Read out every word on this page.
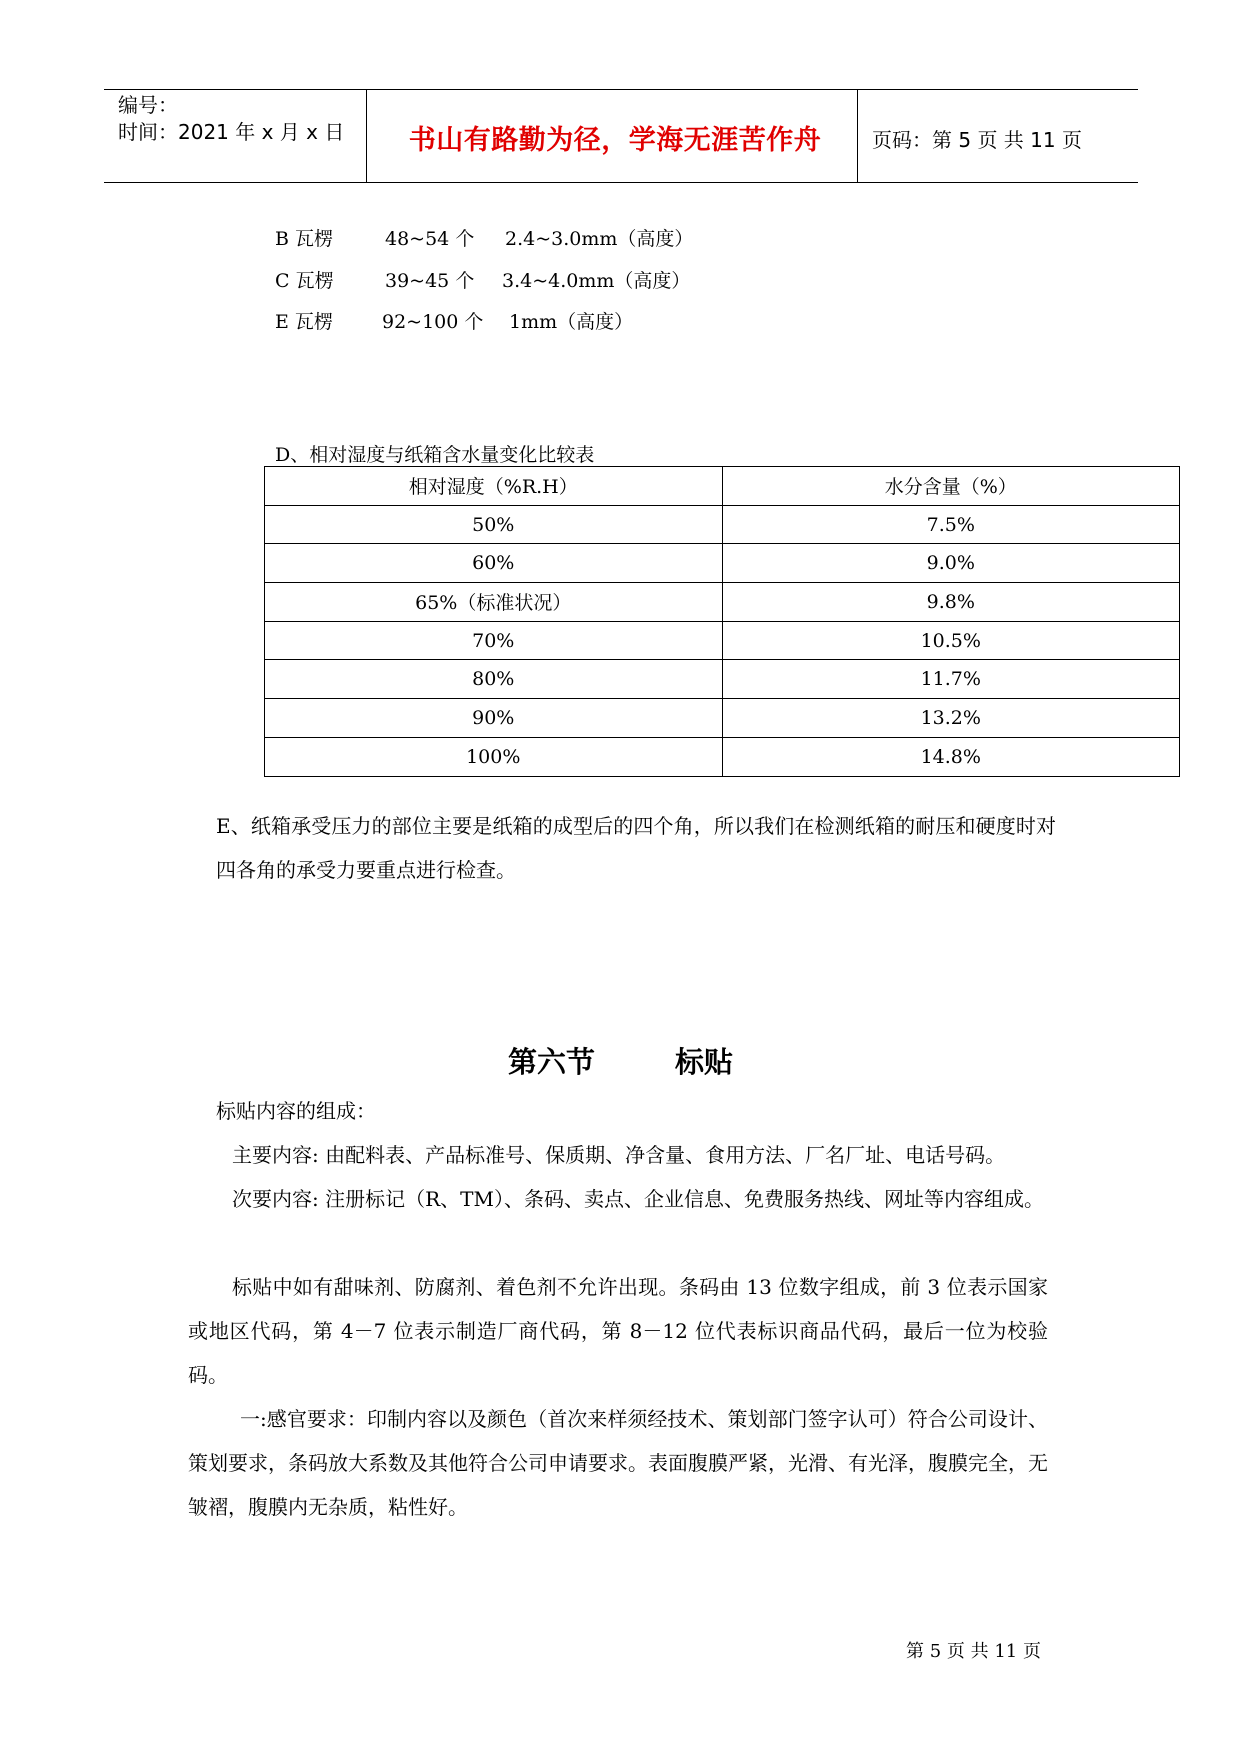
编号：
时间：2021 年 x 月 x 日	书山有路勤为径，学海无涯苦作舟	页码：第 5 页 共 11 页
B 瓦楞	48~54 个 2.4~3.0mm（高度）
C 瓦楞	39~45 个 3.4~4.0mm（高度）
E 瓦楞	92~100 个 1mm（高度）
D、相对湿度与纸箱含水量变化比较表
相对湿度（%R.H）	水分含量（%）
50%	7.5%
60%	9.0%
65%（标准状况）	9.8%
70%	10.5%
80%	11.7%
90%	13.2%
100%	14.8%
E、纸箱承受压力的部位主要是纸箱的成型后的四个角，所以我们在检测纸箱的耐压和硬度时对四各角的承受力要重点进行检查。
第六节	标贴
标贴内容的组成：
主要内容: 由配料表、产品标准号、保质期、净含量、食用方法、厂名厂址、电话号码。
次要内容: 注册标记（R、TM）、条码、卖点、企业信息、免费服务热线、网址等内容组成。
标贴中如有甜味剂、防腐剂、着色剂不允许出现。条码由 13 位数字组成，前 3 位表示国家或地区代码，第 4－7 位表示制造厂商代码，第 8－12 位代表标识商品代码，最后一位为校验码。
一:感官要求：印制内容以及颜色（首次来样须经技术、策划部门签字认可）符合公司设计、策划要求，条码放大系数及其他符合公司申请要求。表面腹膜严紧，光滑、有光泽，腹膜完全，无皱褶，腹膜内无杂质，粘性好。
第 5 页 共 11 页
